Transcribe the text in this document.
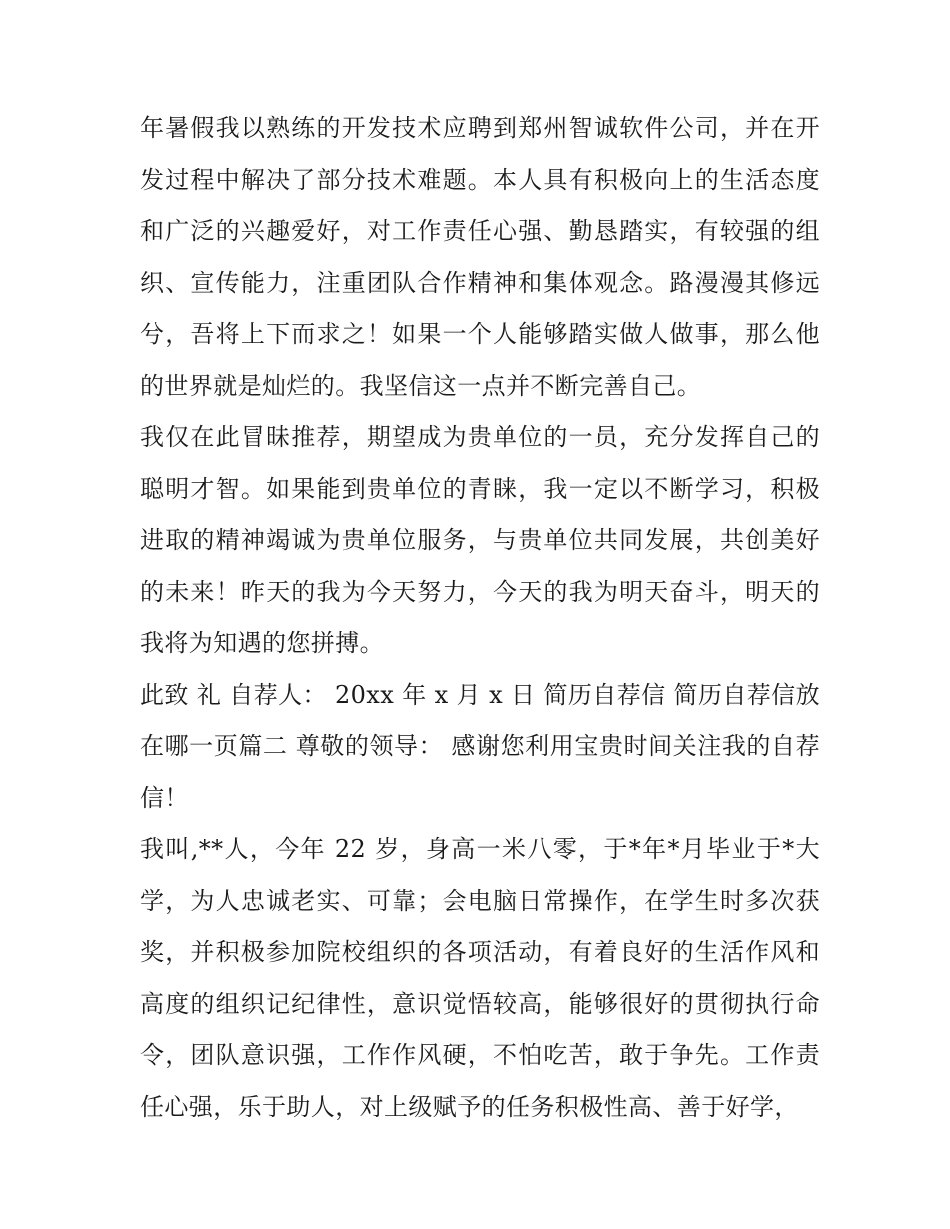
年暑假我以熟练的开发技术应聘到郑州智诚软件公司，并在开发过程中解决了部分技术难题。本人具有积极向上的生活态度和广泛的兴趣爱好，对工作责任心强、勤恳踏实，有较强的组织、宣传能力，注重团队合作精神和集体观念。路漫漫其修远兮，吾将上下而求之！如果一个人能够踏实做人做事，那么他的世界就是灿烂的。我坚信这一点并不断完善自己。

我仅在此冒昧推荐，期望成为贵单位的一员，充分发挥自己的聪明才智。如果能到贵单位的青睐，我一定以不断学习，积极进取的精神竭诚为贵单位服务，与贵单位共同发展，共创美好的未来！昨天的我为今天努力，今天的我为明天奋斗，明天的我将为知遇的您拼搏。

此致 礼 自荐人： 20xx 年 x 月 x 日 简历自荐信 简历自荐信放在哪一页篇二 尊敬的领导： 感谢您利用宝贵时间关注我的自荐信！

我叫,**人，今年 22 岁，身高一米八零，于*年*月毕业于*大学，为人忠诚老实、可靠；会电脑日常操作，在学生时多次获奖，并积极参加院校组织的各项活动，有着良好的生活作风和高度的组织记纪律性，意识觉悟较高，能够很好的贯彻执行命令，团队意识强，工作作风硬，不怕吃苦，敢于争先。工作责任心强，乐于助人，对上级赋予的任务积极性高、善于好学，
